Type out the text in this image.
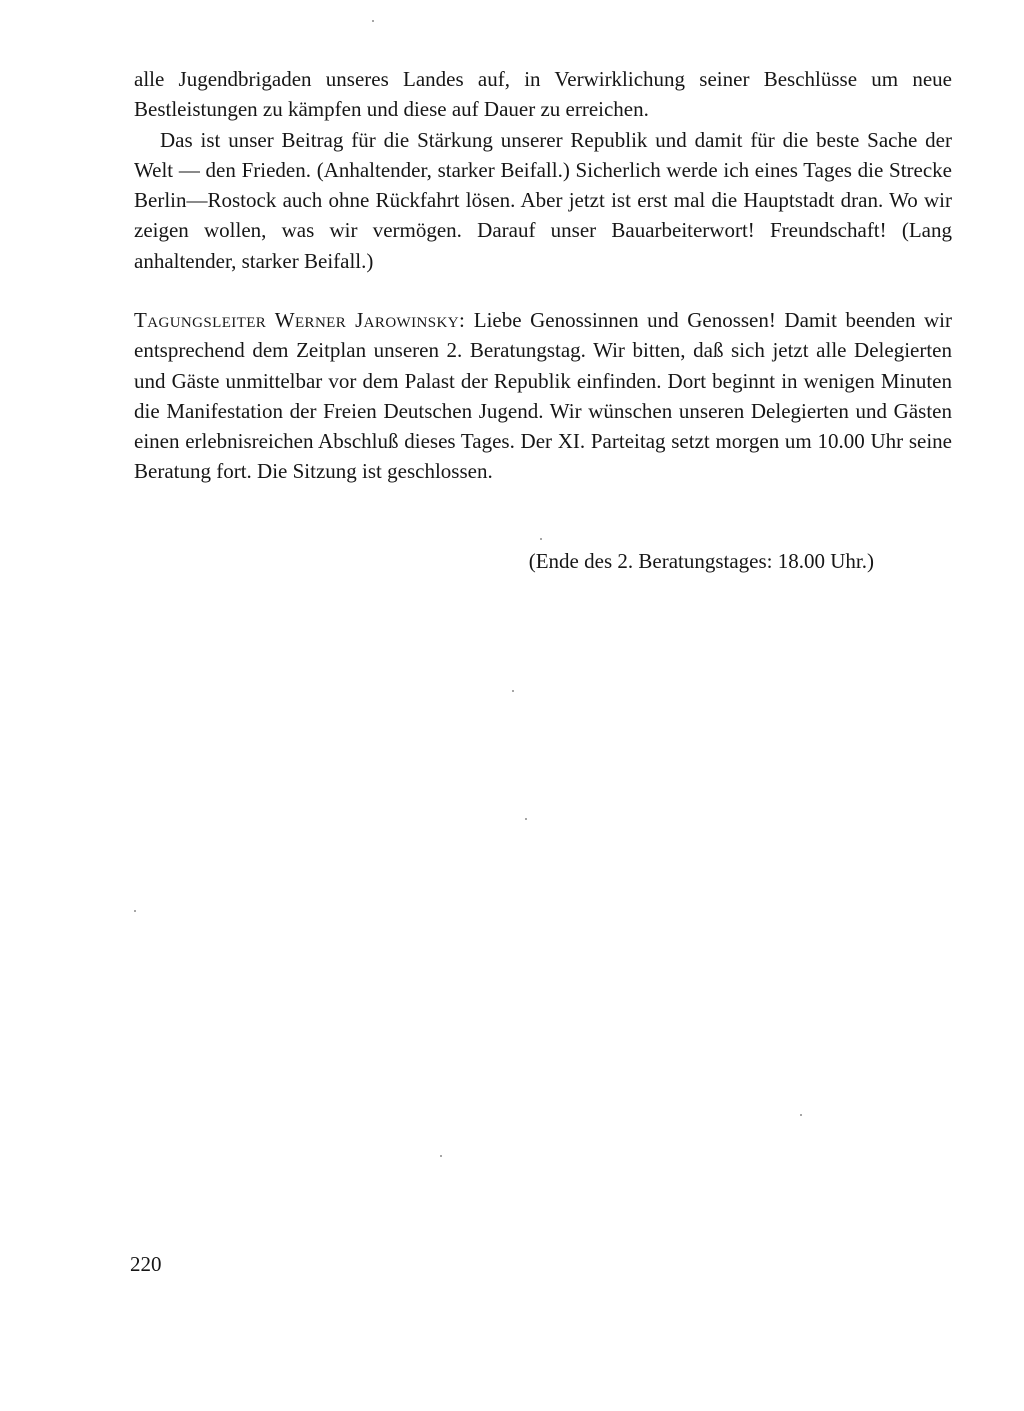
alle Jugendbrigaden unseres Landes auf, in Verwirklichung seiner Beschlüsse um neue Bestleistungen zu kämpfen und diese auf Dauer zu erreichen.

Das ist unser Beitrag für die Stärkung unserer Republik und damit für die beste Sache der Welt — den Frieden. (Anhaltender, starker Beifall.) Sicherlich werde ich eines Tages die Strecke Berlin—Rostock auch ohne Rückfahrt lösen. Aber jetzt ist erst mal die Hauptstadt dran. Wo wir zeigen wollen, was wir vermögen. Darauf unser Bauarbeiterwort! Freundschaft! (Lang anhaltender, starker Beifall.)

Tagungsleiter Werner Jarowinsky: Liebe Genossinnen und Genossen! Damit beenden wir entsprechend dem Zeitplan unseren 2. Beratungstag. Wir bitten, daß sich jetzt alle Delegierten und Gäste unmittelbar vor dem Palast der Republik einfinden. Dort beginnt in wenigen Minuten die Manifestation der Freien Deutschen Jugend. Wir wünschen unseren Delegierten und Gästen einen erlebnisreichen Abschluß dieses Tages. Der XI. Parteitag setzt morgen um 10.00 Uhr seine Beratung fort. Die Sitzung ist geschlossen.

(Ende des 2. Beratungstages: 18.00 Uhr.)
220
